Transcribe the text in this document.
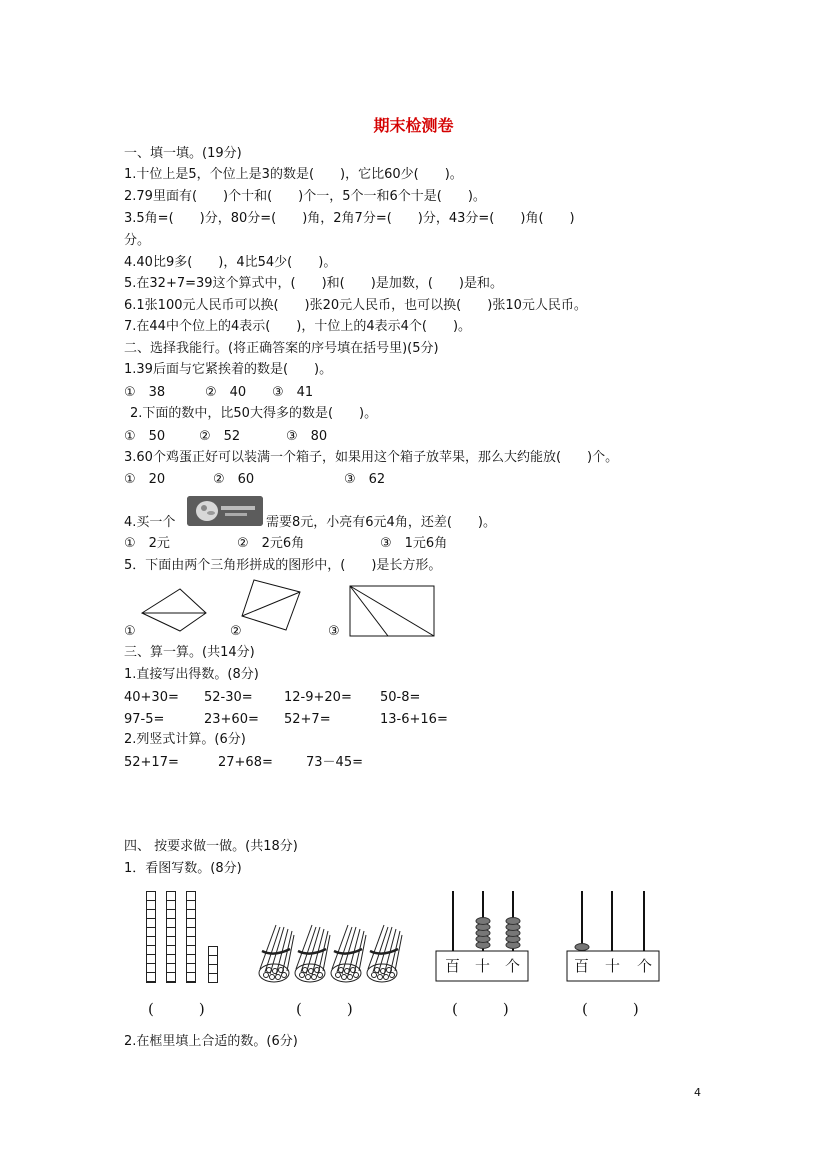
期末检测卷
一、填一填。(19分)
1.十位上是5，个位上是3的数是(　　)，它比60少(　　)。
2.79里面有(　　)个十和(　　)个一，5个一和6个十是(　　)。
3.5角=(　　)分，80分=(　　)角，2角7分=(　　)分，43分=(　　)角(　　)
分。
4.40比9多(　　)，4比54少(　　)。
5.在32+7=39这个算式中，(　　)和(　　)是加数，(　　)是和。
6.1张100元人民币可以换(　　)张20元人民币，也可以换(　　)张10元人民币。
7.在44中个位上的4表示(　　)，十位上的4表示4个(　　)。
二、选择我能行。(将正确答案的序号填在括号里)(5分)
1.39后面与它紧挨着的数是(　　)。
①　38	②　40 ③　41
2.下面的数中，比50大得多的数是(　　)。
①　50	②　52	③　80
3.60个鸡蛋正好可以装满一个箱子，如果用这个箱子放苹果，那么大约能放(　　)个。
①　20	②　60	③　62
4.买一个	需要8元，小亮有6元4角，还差(　　)。
①　2元	②　2元6角	③　1元6角
5．下面由两个三角形拼成的图形中，(　　)是长方形。
①	②	③
三、算一算。(共14分)
1.直接写出得数。(8分)
40+30= 52-30= 12-9+20= 50-8=
97-5=	23+60= 52+7=	13-6+16=
2.列竖式计算。(6分)
52+17=	27+68=	73－45=
四、 按要求做一做。(共18分)
1．看图写数。(8分)
百 十 个	百 十 个
(　　　)	(　　　)	(　　　)	(　　　)
2.在框里填上合适的数。(6分)
4
